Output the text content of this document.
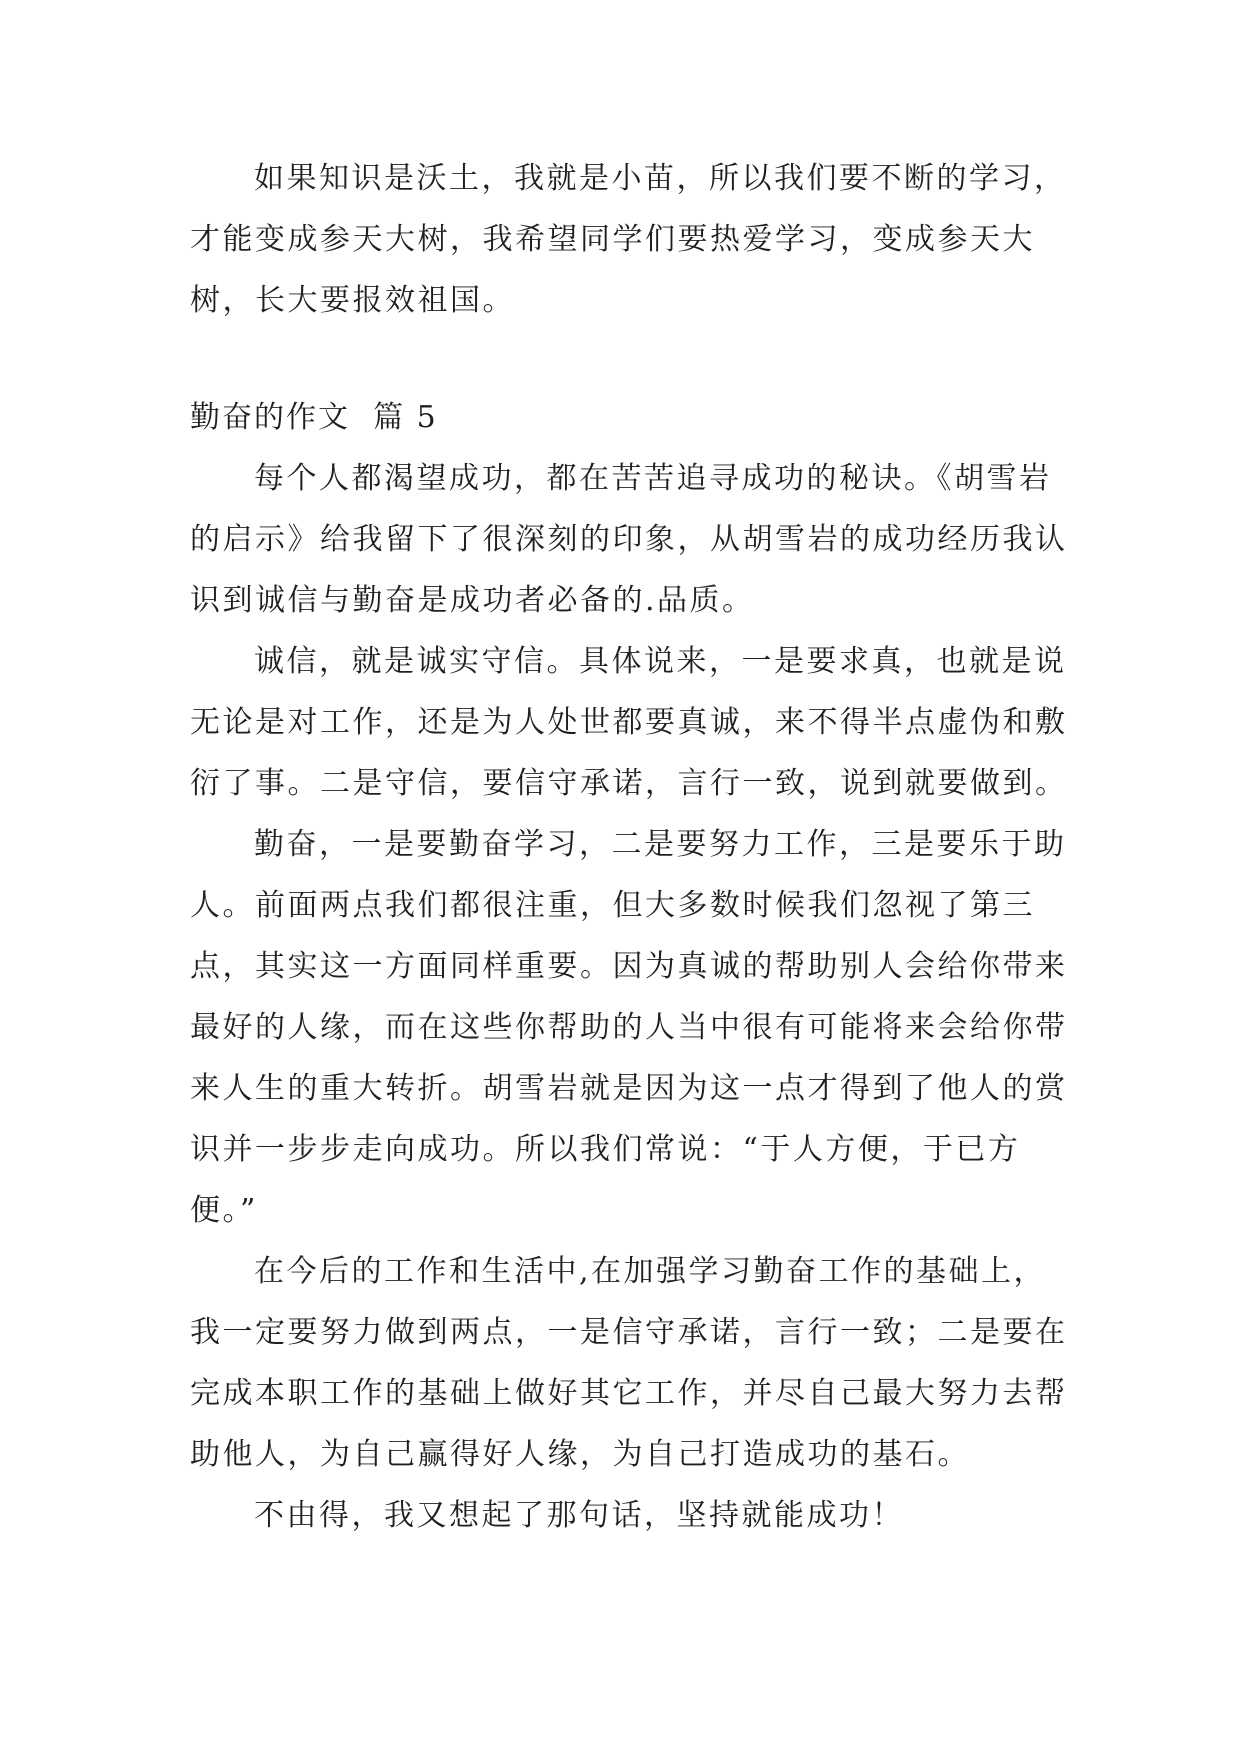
如果知识是沃土，我就是小苗，所以我们要不断的学习，才能变成参天大树，我希望同学们要热爱学习，变成参天大树，长大要报效祖国。

勤奋的作文  篇 5

每个人都渴望成功，都在苦苦追寻成功的秘诀。《胡雪岩的启示》给我留下了很深刻的印象，从胡雪岩的成功经历我认识到诚信与勤奋是成功者必备的.品质。

诚信，就是诚实守信。具体说来，一是要求真，也就是说无论是对工作，还是为人处世都要真诚，来不得半点虚伪和敷衍了事。二是守信，要信守承诺，言行一致，说到就要做到。

勤奋，一是要勤奋学习，二是要努力工作，三是要乐于助人。前面两点我们都很注重，但大多数时候我们忽视了第三点，其实这一方面同样重要。因为真诚的帮助别人会给你带来最好的人缘，而在这些你帮助的人当中很有可能将来会给你带来人生的重大转折。胡雪岩就是因为这一点才得到了他人的赏识并一步步走向成功。所以我们常说：“于人方便，于已方便。”

在今后的工作和生活中,在加强学习勤奋工作的基础上，我一定要努力做到两点，一是信守承诺，言行一致；二是要在完成本职工作的基础上做好其它工作，并尽自己最大努力去帮助他人，为自己赢得好人缘，为自己打造成功的基石。

不由得，我又想起了那句话，坚持就能成功！
